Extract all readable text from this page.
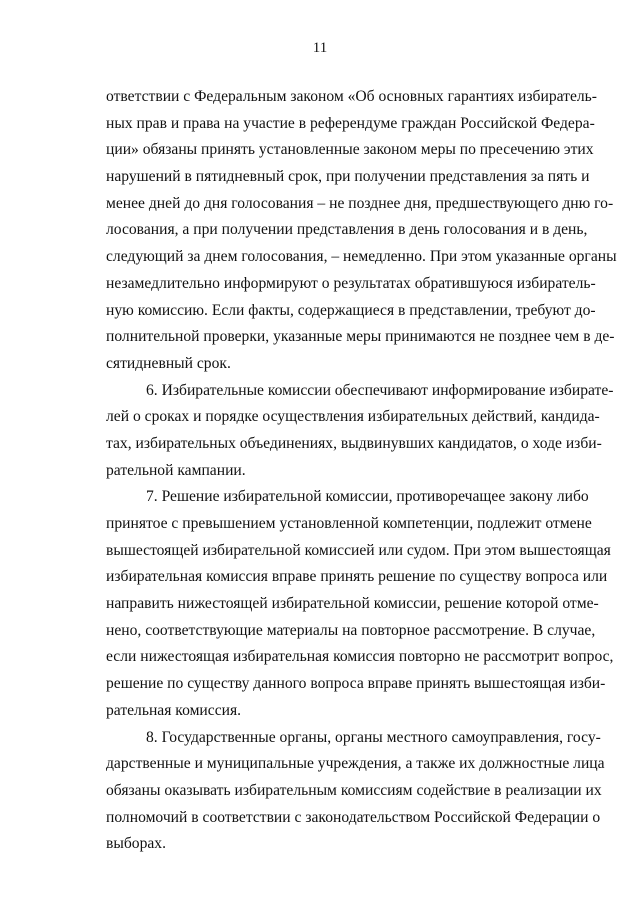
11
ответствии с Федеральным законом «Об основных гарантиях избиратель-
ных прав и права на участие в референдуме граждан Российской Федера-
ции» обязаны принять установленные законом меры по пресечению этих
нарушений в пятидневный срок, при получении представления за пять и
менее дней до дня голосования – не позднее дня, предшествующего дню го-
лосования, а при получении представления в день голосования и в день,
следующий за днем голосования, – немедленно. При этом указанные органы
незамедлительно информируют о результатах обратившуюся избиратель-
ную комиссию. Если факты, содержащиеся в представлении, требуют до-
полнительной проверки, указанные меры принимаются не позднее чем в де-
сятидневный срок.
6. Избирательные комиссии обеспечивают информирование избирате-
лей о сроках и порядке осуществления избирательных действий, кандида-
тах, избирательных объединениях, выдвинувших кандидатов, о ходе изби-
рательной кампании.
7. Решение избирательной комиссии, противоречащее закону либо
принятое с превышением установленной компетенции, подлежит отмене
вышестоящей избирательной комиссией или судом. При этом вышестоящая
избирательная комиссия вправе принять решение по существу вопроса или
направить нижестоящей избирательной комиссии, решение которой отме-
нено, соответствующие материалы на повторное рассмотрение. В случае,
если нижестоящая избирательная комиссия повторно не рассмотрит вопрос,
решение по существу данного вопроса вправе принять вышестоящая изби-
рательная комиссия.
8. Государственные органы, органы местного самоуправления, госу-
дарственные и муниципальные учреждения, а также их должностные лица
обязаны оказывать избирательным комиссиям содействие в реализации их
полномочий в соответствии с законодательством Российской Федерации о
выборах.
